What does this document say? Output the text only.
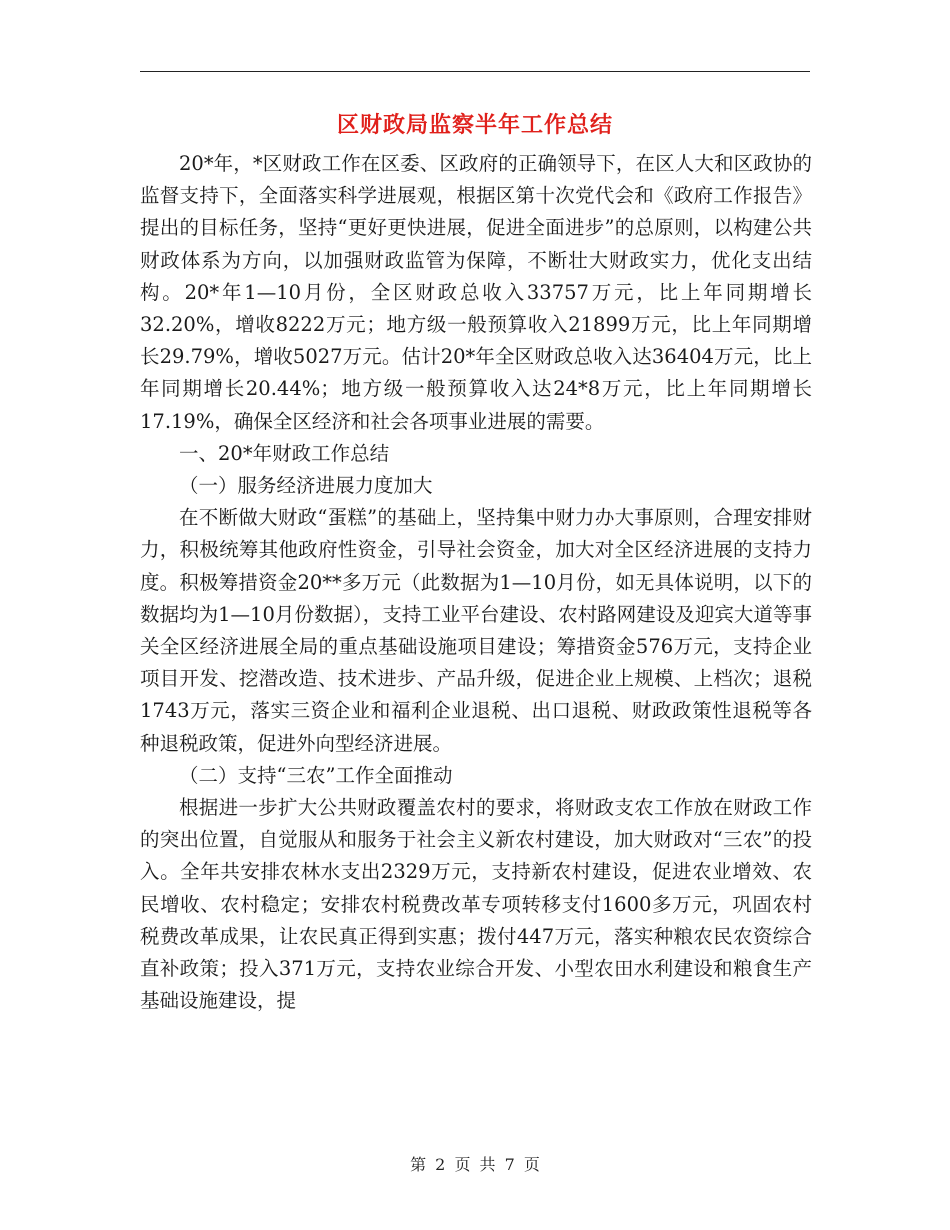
区财政局监察半年工作总结

20*年，*区财政工作在区委、区政府的正确领导下，在区人大和区政协的监督支持下，全面落实科学进展观，根据区第十次党代会和《政府工作报告》提出的目标任务，坚持“更好更快进展，促进全面进步”的总原则，以构建公共财政体系为方向，以加强财政监管为保障，不断壮大财政实力，优化支出结构。20*年1—10月份，全区财政总收入33757万元，比上年同期增长32.20%，增收8222万元；地方级一般预算收入21899万元，比上年同期增长29.79%，增收5027万元。估计20*年全区财政总收入达36404万元，比上年同期增长20.44%；地方级一般预算收入达24*8万元，比上年同期增长17.19%，确保全区经济和社会各项事业进展的需要。

一、20*年财政工作总结

（一）服务经济进展力度加大

在不断做大财政“蛋糕”的基础上，坚持集中财力办大事原则，合理安排财力，积极统筹其他政府性资金，引导社会资金，加大对全区经济进展的支持力度。积极筹措资金20**多万元（此数据为1—10月份，如无具体说明，以下的数据均为1—10月份数据），支持工业平台建设、农村路网建设及迎宾大道等事关全区经济进展全局的重点基础设施项目建设；筹措资金576万元，支持企业项目开发、挖潜改造、技术进步、产品升级，促进企业上规模、上档次；退税1743万元，落实三资企业和福利企业退税、出口退税、财政政策性退税等各种退税政策，促进外向型经济进展。

（二）支持“三农”工作全面推动

根据进一步扩大公共财政覆盖农村的要求，将财政支农工作放在财政工作的突出位置，自觉服从和服务于社会主义新农村建设，加大财政对“三农”的投入。全年共安排农林水支出2329万元，支持新农村建设，促进农业增效、农民增收、农村稳定；安排农村税费改革专项转移支付1600多万元，巩固农村税费改革成果，让农民真正得到实惠；拨付447万元，落实种粮农民农资综合直补政策；投入371万元，支持农业综合开发、小型农田水利建设和粮食生产基础设施建设，提

第 2 页 共 7 页
